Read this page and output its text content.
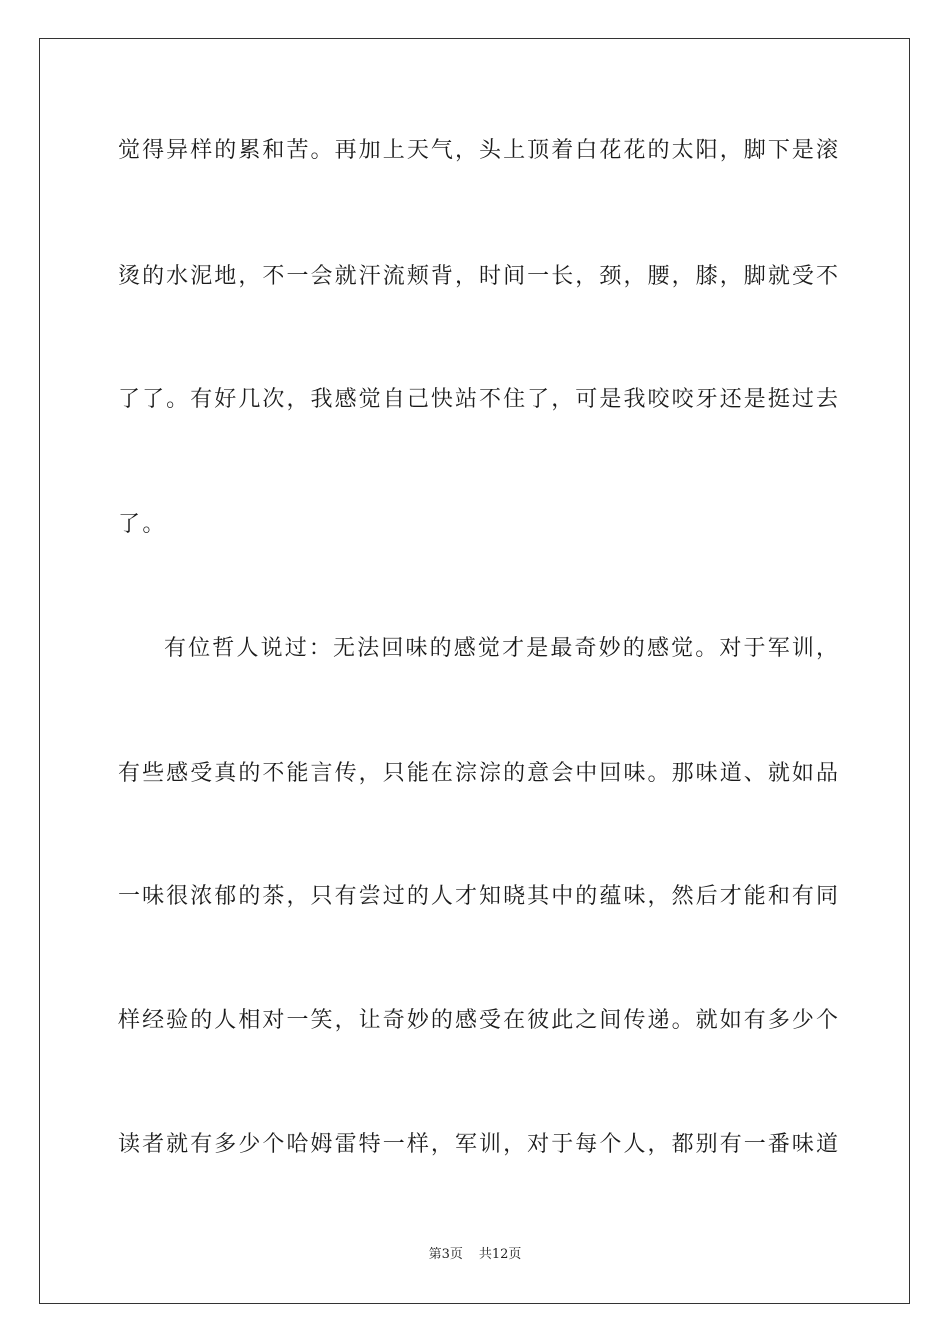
觉得异样的累和苦。再加上天气，头上顶着白花花的太阳，脚下是滚
烫的水泥地，不一会就汗流颊背，时间一长，颈，腰，膝，脚就受不
了了。有好几次，我感觉自己快站不住了，可是我咬咬牙还是挺过去
了。
有位哲人说过：无法回味的感觉才是最奇妙的感觉。对于军训，
有些感受真的不能言传，只能在淙淙的意会中回味。那味道、就如品
一味很浓郁的茶，只有尝过的人才知晓其中的蕴味，然后才能和有同
样经验的人相对一笑，让奇妙的感受在彼此之间传递。就如有多少个
读者就有多少个哈姆雷特一样，军训，对于每个人，都别有一番味道
第3页 共12页
